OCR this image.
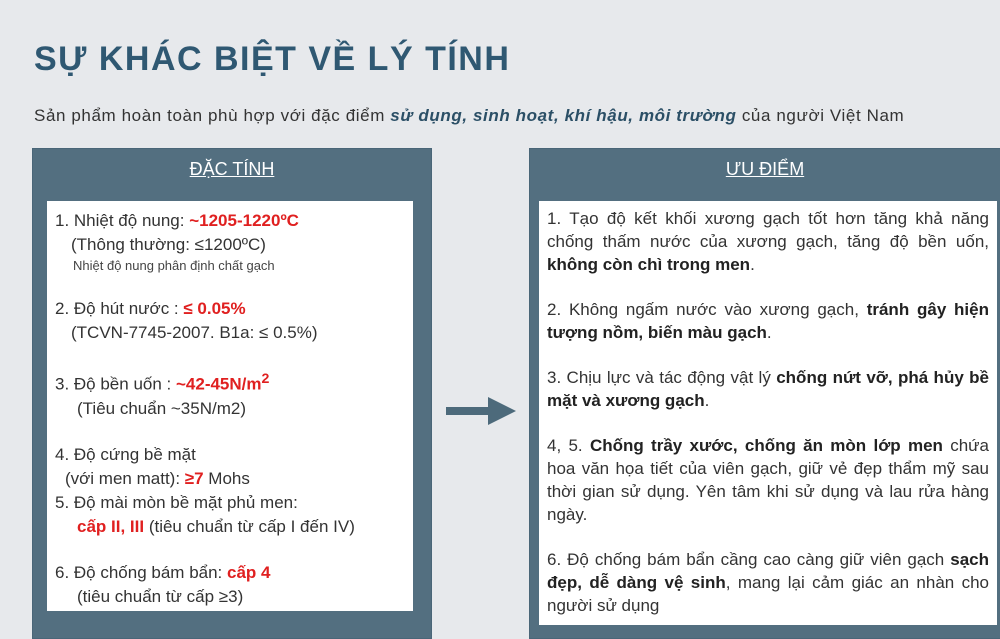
SỰ KHÁC BIỆT VỀ LÝ TÍNH
Sản phẩm hoàn toàn phù hợp với đặc điểm sử dụng, sinh hoạt, khí hậu, môi trường của người Việt Nam
ĐẶC TÍNH
1. Nhiệt độ nung: ~1205-1220ºC
(Thông thường: ≤1200ºC)
Nhiệt độ nung phân định chất gạch
2. Độ hút nước : ≤ 0.05%
(TCVN-7745-2007. B1a: ≤ 0.5%)
3. Độ bền uốn : $\sim 42-45N/m^2$
(Tiêu chuẩn ~35N/m2)
4. Độ cứng bề mặt
(với men matt): ≥7 Mohs
5. Độ mài mòn bề mặt phủ men:
cấp II, III (tiêu chuẩn từ cấp I đến IV)
6. Độ chống bám bẩn: cấp 4
(tiêu chuẩn từ cấp ≥3)
ƯU ĐIỂM

1. Tạo độ kết khối xương gạch tốt hơn tăng khả năng chống thấm nước của xương gạch, tăng độ bền uốn, không còn chì trong men.

2. Không ngấm nước vào xương gạch, tránh gây hiện tượng nồm, biến màu gạch.

3. Chịu lực và tác động vật lý chống nứt vỡ, phá hủy bề mặt và xương gạch.

4, 5. Chống trầy xước, chống ăn mòn lớp men chứa hoa văn họa tiết của viên gạch, giữ vẻ đẹp thẩm mỹ sau thời gian sử dụng. Yên tâm khi sử dụng và lau rửa hàng ngày.

6. Độ chống bám bẩn cầng cao càng giữ viên gạch sạch đẹp, dễ dàng vệ sinh, mang lại cảm giác an nhàn cho người sử dụng
